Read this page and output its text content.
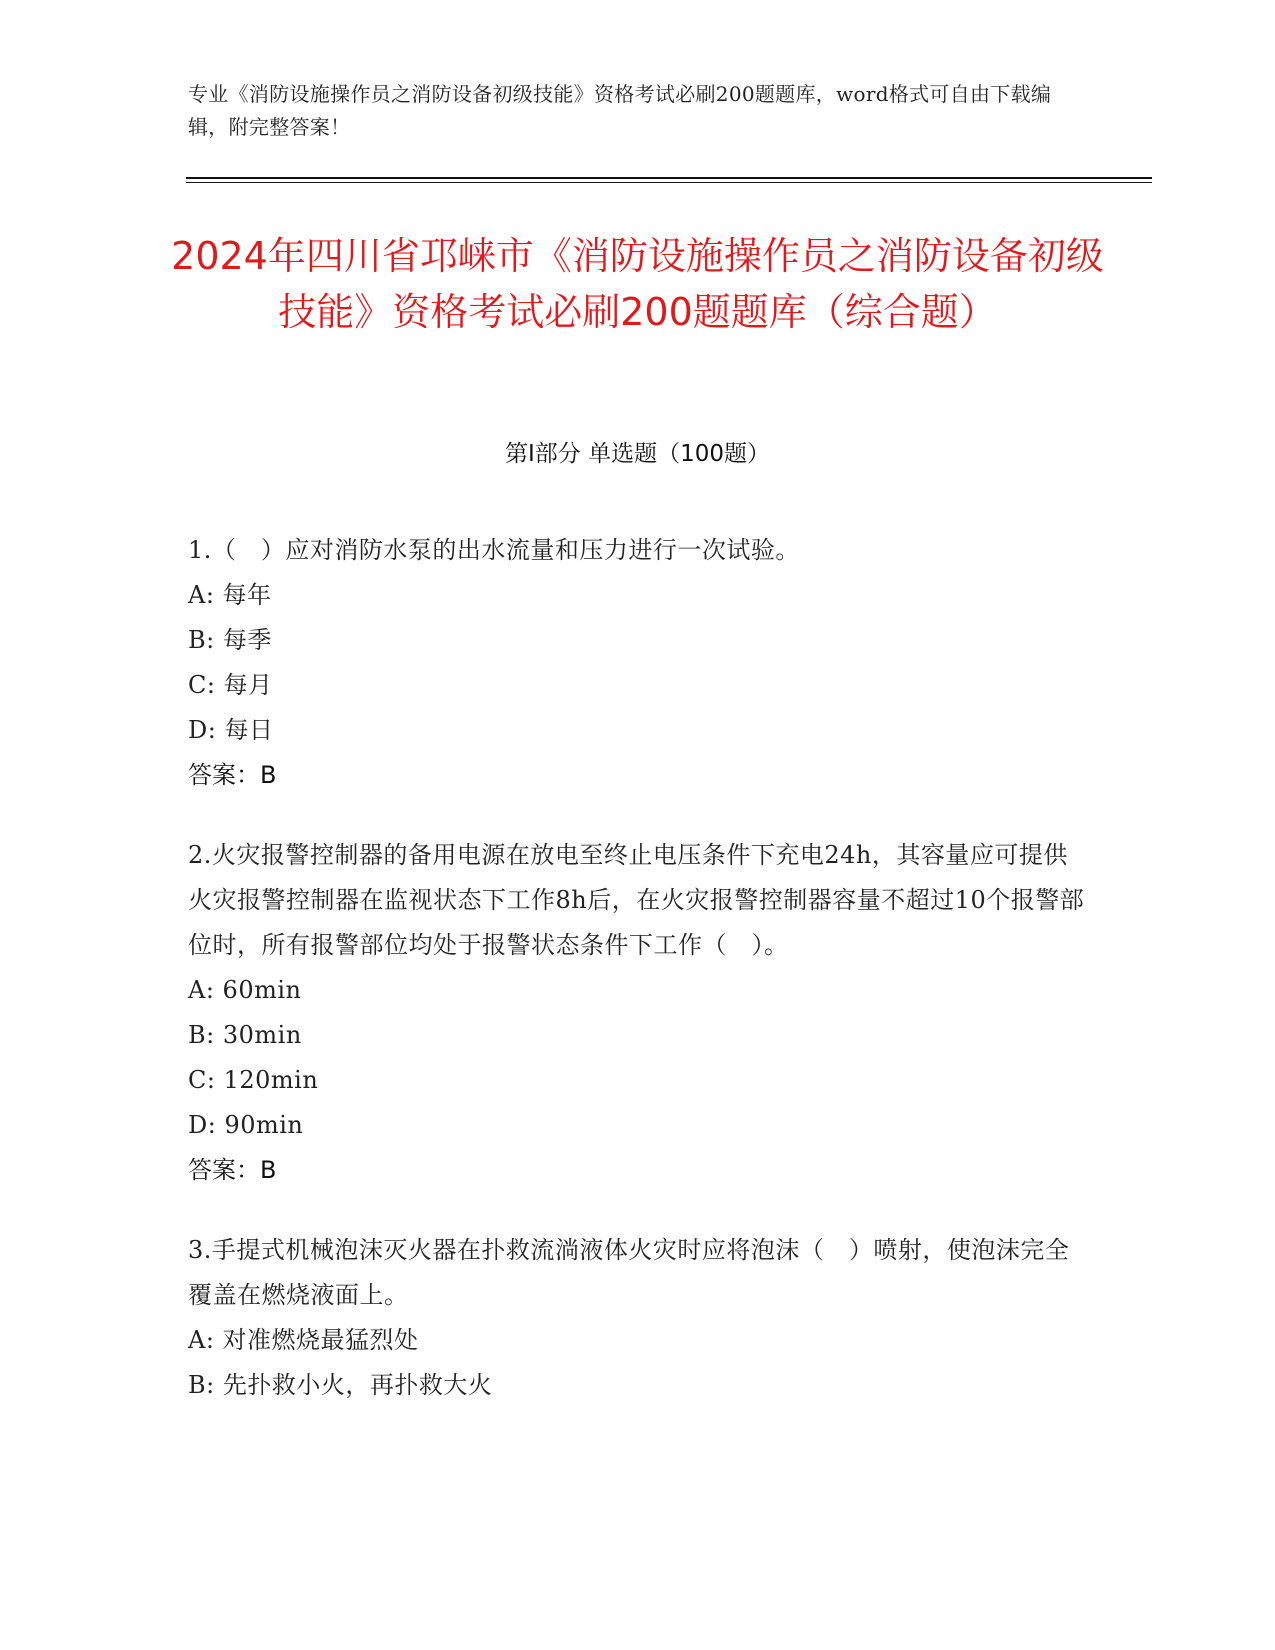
专业《消防设施操作员之消防设备初级技能》资格考试必刷200题题库，word格式可自由下载编辑，附完整答案！
2024年四川省邛崃市《消防设施操作员之消防设备初级技能》资格考试必刷200题题库（综合题）
第Ⅰ部分 单选题（100题）

1.（　）应对消防水泵的出水流量和压力进行一次试验。

A: 每年

B: 每季

C: 每月

D: 每日

答案：B

2.火灾报警控制器的备用电源在放电至终止电压条件下充电24h，其容量应可提供火灾报警控制器在监视状态下工作8h后，在火灾报警控制器容量不超过10个报警部位时，所有报警部位均处于报警状态条件下工作（　）。

A: 60min

B: 30min

C: 120min

D: 90min

答案：B

3.手提式机械泡沫灭火器在扑救流淌液体火灾时应将泡沫（　）喷射，使泡沫完全覆盖在燃烧液面上。

A: 对准燃烧最猛烈处

B: 先扑救小火，再扑救大火
